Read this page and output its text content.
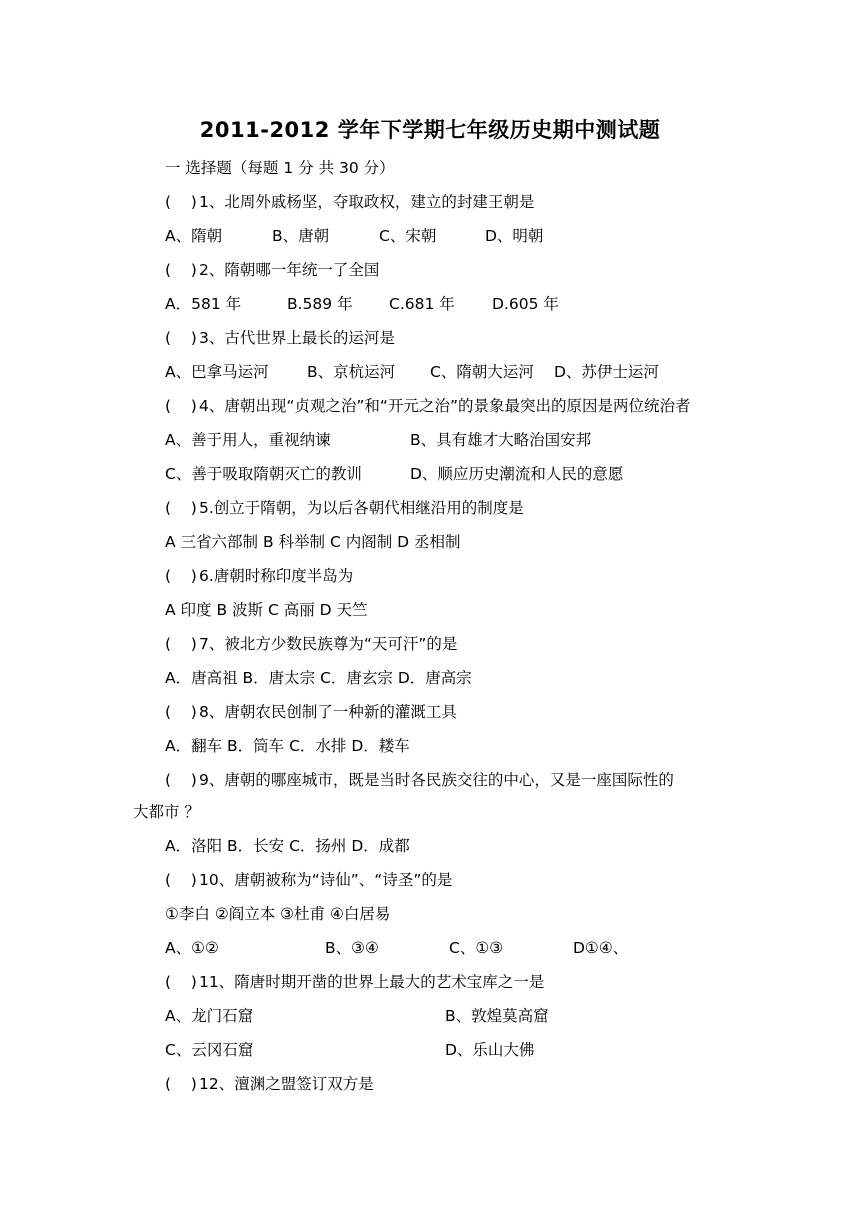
2011-2012 学年下学期七年级历史期中测试题
一 选择题（每题 1 分 共 30 分）
( ) 1、北周外戚杨坚，夺取政权，建立的封建王朝是
A、隋朝	B、唐朝	C、宋朝	D、明朝
( ) 2、隋朝哪一年统一了全国
A．581 年	B.589 年 C.681 年 D.605 年
( ) 3、古代世界上最长的运河是
A、巴拿马运河 B、京杭运河 C、隋朝大运河 D、苏伊士运河
( ) 4、唐朝出现“贞观之治”和“开元之治”的景象最突出的原因是两位统治者
A、善于用人，重视纳谏	B、具有雄才大略治国安邦
C、善于吸取隋朝灭亡的教训	D、顺应历史潮流和人民的意愿
( ) 5.创立于隋朝，为以后各朝代相继沿用的制度是
A 三省六部制 B 科举制 C 内阁制 D 丞相制
( ) 6.唐朝时称印度半岛为
A 印度 B 波斯 C 高丽 D 天竺
( ) 7、被北方少数民族尊为“天可汗”的是
A．唐高祖 B．唐太宗 C．唐玄宗 D．唐高宗
( ) 8、唐朝农民创制了一种新的灌溉工具
A．翻车 B．筒车 C．水排 D．耧车
( ) 9、唐朝的哪座城市，既是当时各民族交往的中心，又是一座国际性的
大都市 ？
A．洛阳 B．长安 C．扬州 D．成都
( ) 10、唐朝被称为“诗仙”、“诗圣”的是
①李白 ②阎立本 ③杜甫 ④白居易
A、①②	B、③④	C、①③	D①④、
( ) 11、隋唐时期开凿的世界上最大的艺术宝库之一是
A、龙门石窟	B、敦煌莫高窟
C、云冈石窟	D、乐山大佛
( ) 12、澶渊之盟签订双方是
